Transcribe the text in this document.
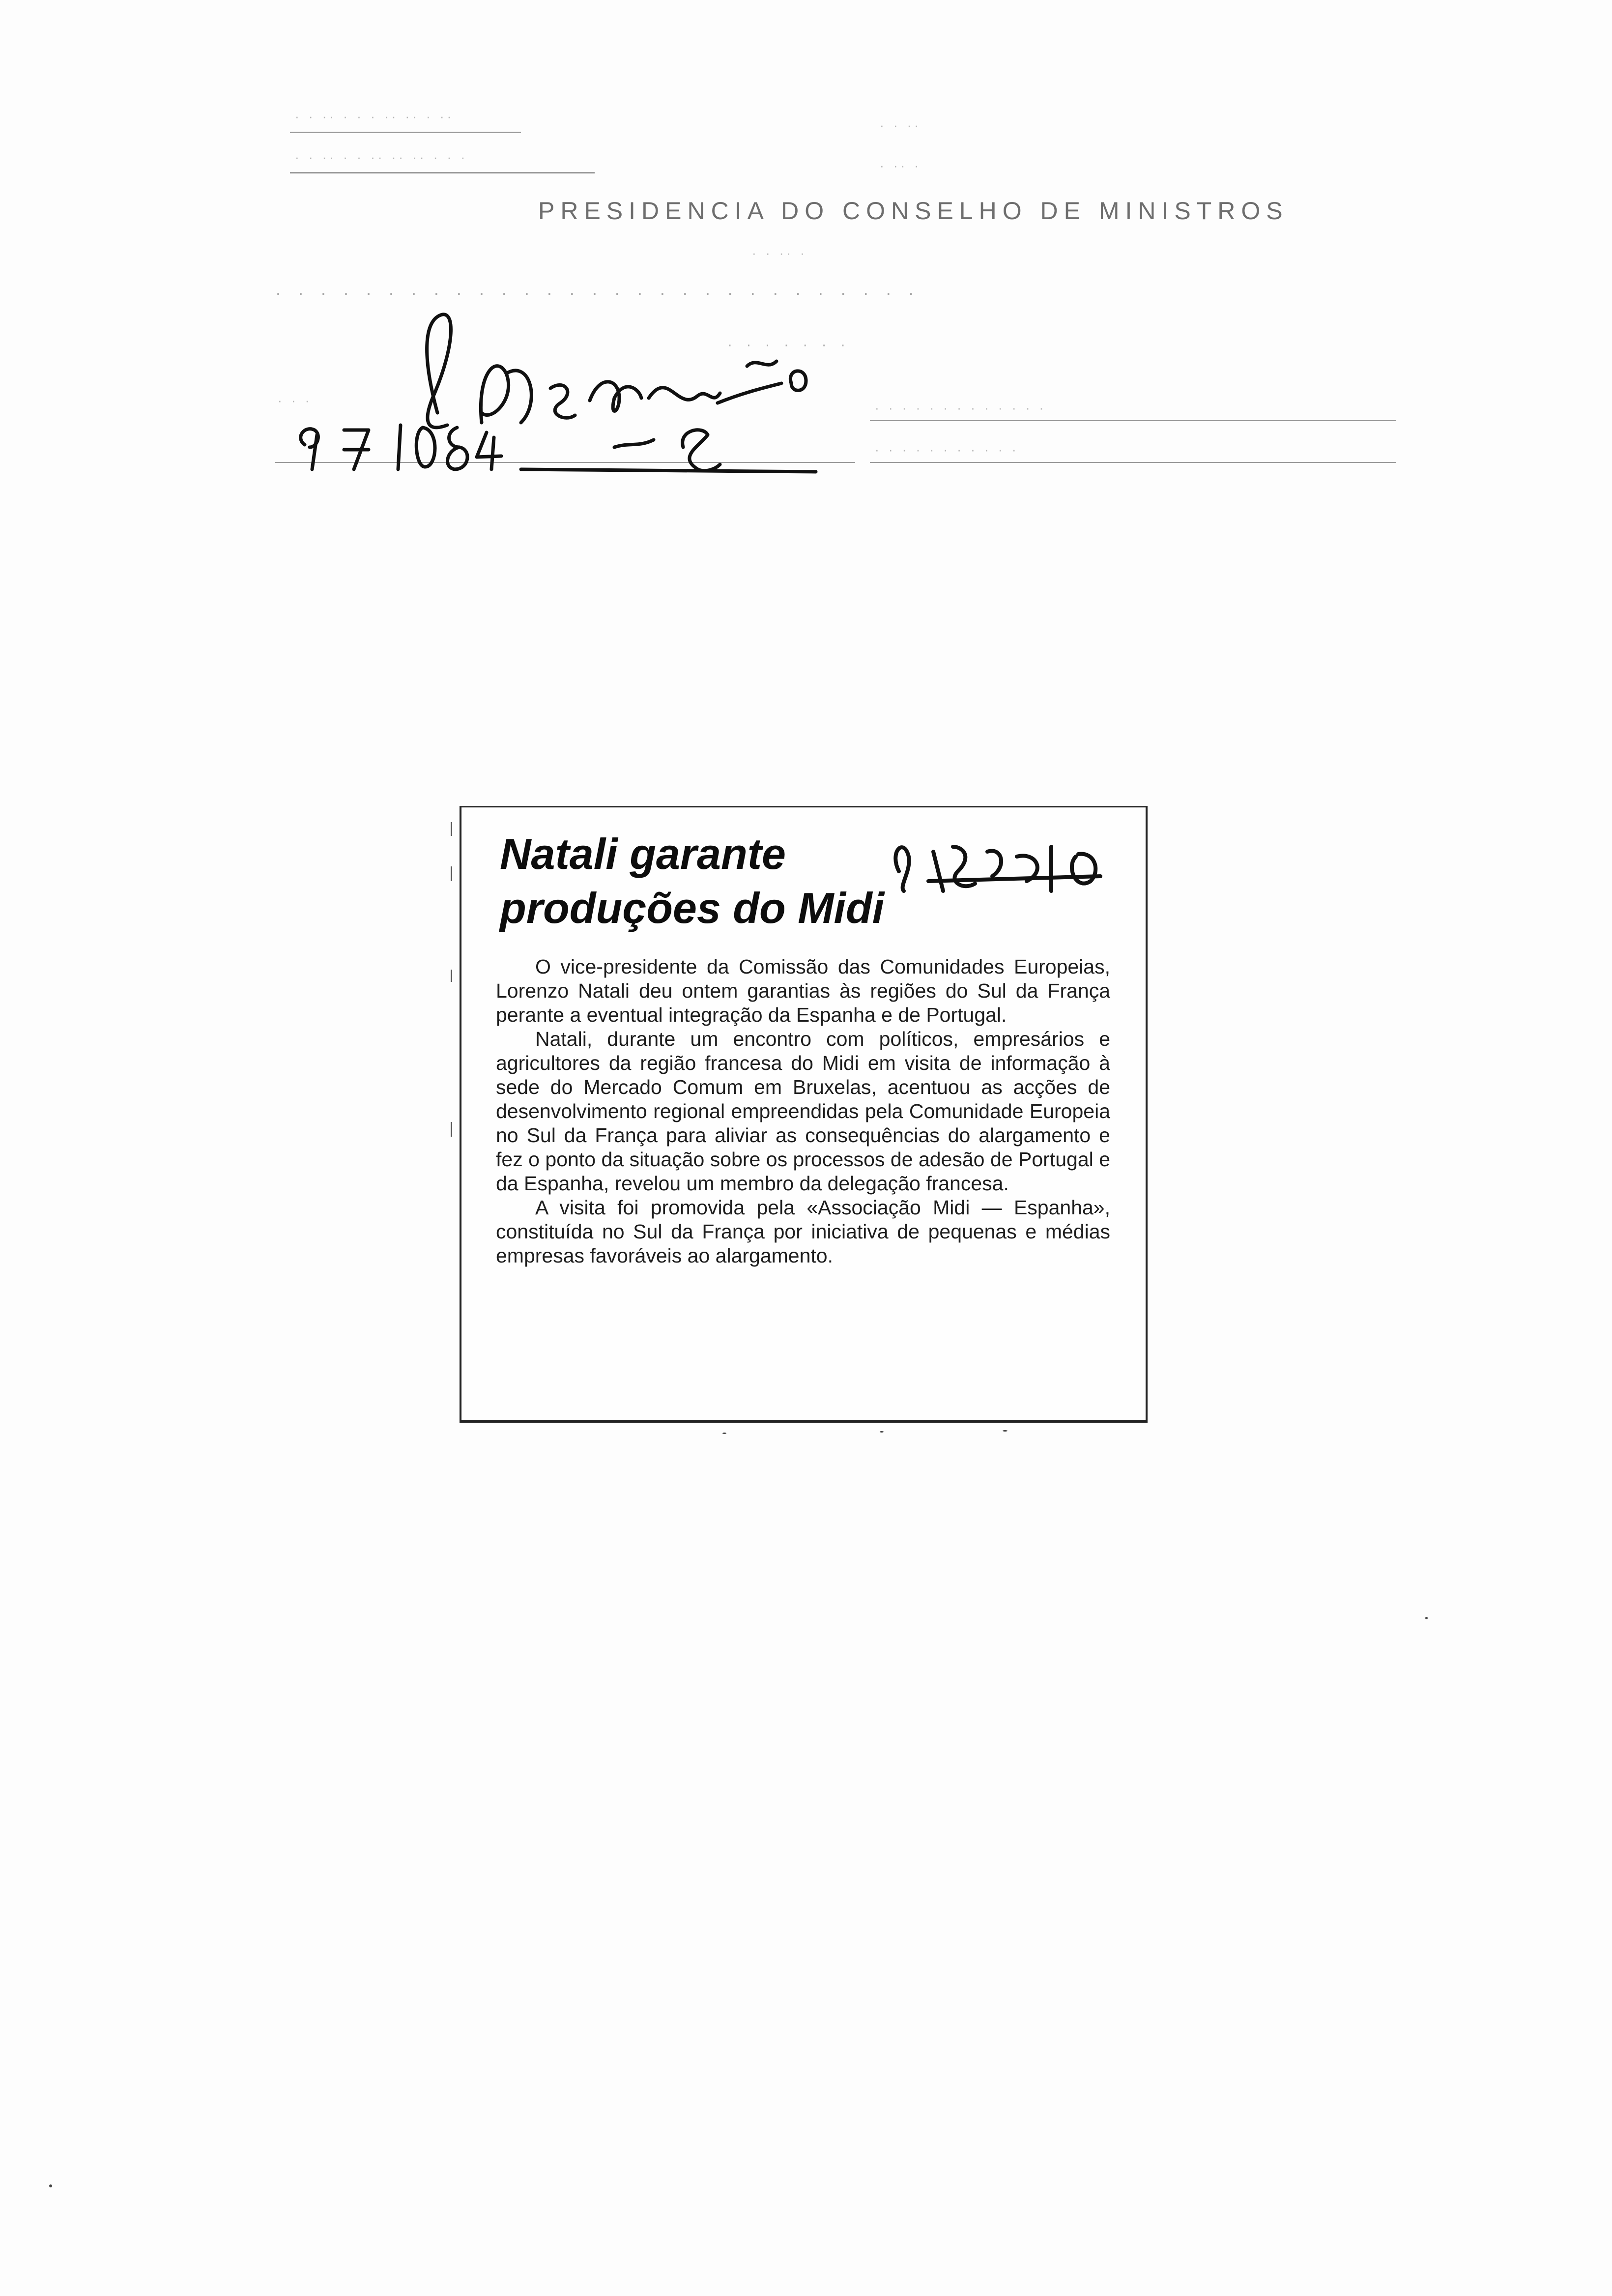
· · ·· · · · ·· ·· · ··
· · ·· · · ·· ·· ·· · · ·
· · ··
· ·· ·
PRESIDENCIA DO CONSELHO DE MINISTROS
· · ·· ·
· · · · · · · · · · · · · · · · · · · · · · · · · · · · ·
· · · · · · ·
· · ·	· · · · · · · · · · · · ·
· · · · · · · · · · ·
Natali garante
produções do Midi

O vice-presidente da Comissão das Comunidades Europeias, Lorenzo Natali deu ontem garantias às regiões do Sul da França perante a eventual integração da Espanha e de Portugal.

Natali, durante um encontro com políticos, empresários e agricultores da região francesa do Midi em visita de informação à sede do Mercado Comum em Bruxelas, acentuou as acções de desenvolvimento regional empreendidas pela Comunidade Europeia no Sul da França para aliviar as consequências do alargamento e fez o ponto da situação sobre os processos de adesão de Portugal e da Espanha, revelou um membro da delegação francesa.

A visita foi promovida pela «Associação Midi — Espanha», constituída no Sul da França por iniciativa de pequenas e médias empresas favoráveis ao alargamento.
